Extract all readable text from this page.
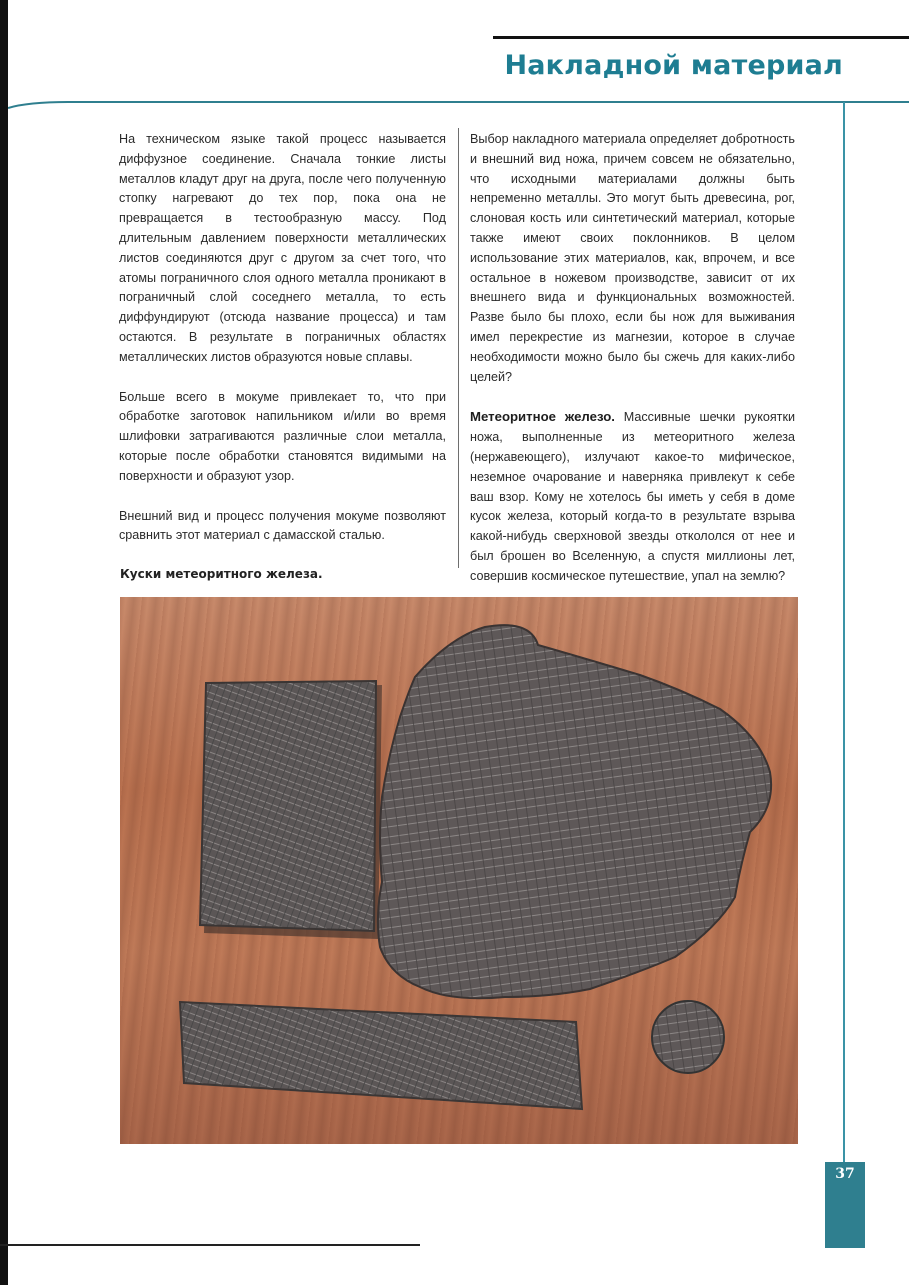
Накладной материал

На техническом языке такой процесс называется диффузное соединение. Сначала тонкие листы металлов кладут друг на друга, после чего полученную стопку нагревают до тех пор, пока она не превращается в тестообразную массу. Под длительным давлением поверхности металлических листов соединяются друг с другом за счет того, что атомы пограничного слоя одного металла проникают в пограничный слой соседнего металла, то есть диффундируют (отсюда название процесса) и там остаются. В результате в пограничных областях металлических листов образуются новые сплавы.

Больше всего в мокуме привлекает то, что при обработке заготовок напильником и/или во время шлифовки затрагиваются различные слои металла, которые после обработки становятся видимыми на поверхности и образуют узор.

Внешний вид и процесс получения мокуме позволяют сравнить этот материал с дамасской сталью.

Выбор накладного материала определяет добротность и внешний вид ножа, причем совсем не обязательно, что исходными материалами должны быть непременно металлы. Это могут быть древесина, рог, слоновая кость или синтетический материал, которые также имеют своих поклонников. В целом использование этих материалов, как, впрочем, и все остальное в ножевом производстве, зависит от их внешнего вида и функциональных возможностей. Разве было бы плохо, если бы нож для выживания имел перекрестие из магнезии, которое в случае необходимости можно было бы сжечь для каких-либо целей?

Метеоритное железо. Массивные шечки рукоятки ножа, выполненные из метеоритного железа (нержавеющего), излучают какое-то мифическое, неземное очарование и наверняка привлекут к себе ваш взор. Кому не хотелось бы иметь у себя в доме кусок железа, который когда-то в результате взрыва какой-нибудь сверхновой звезды откололся от нее и был брошен во Вселенную, а спустя миллионы лет, совершив космическое путешествие, упал на землю?

Куски метеоритного железа.
37
